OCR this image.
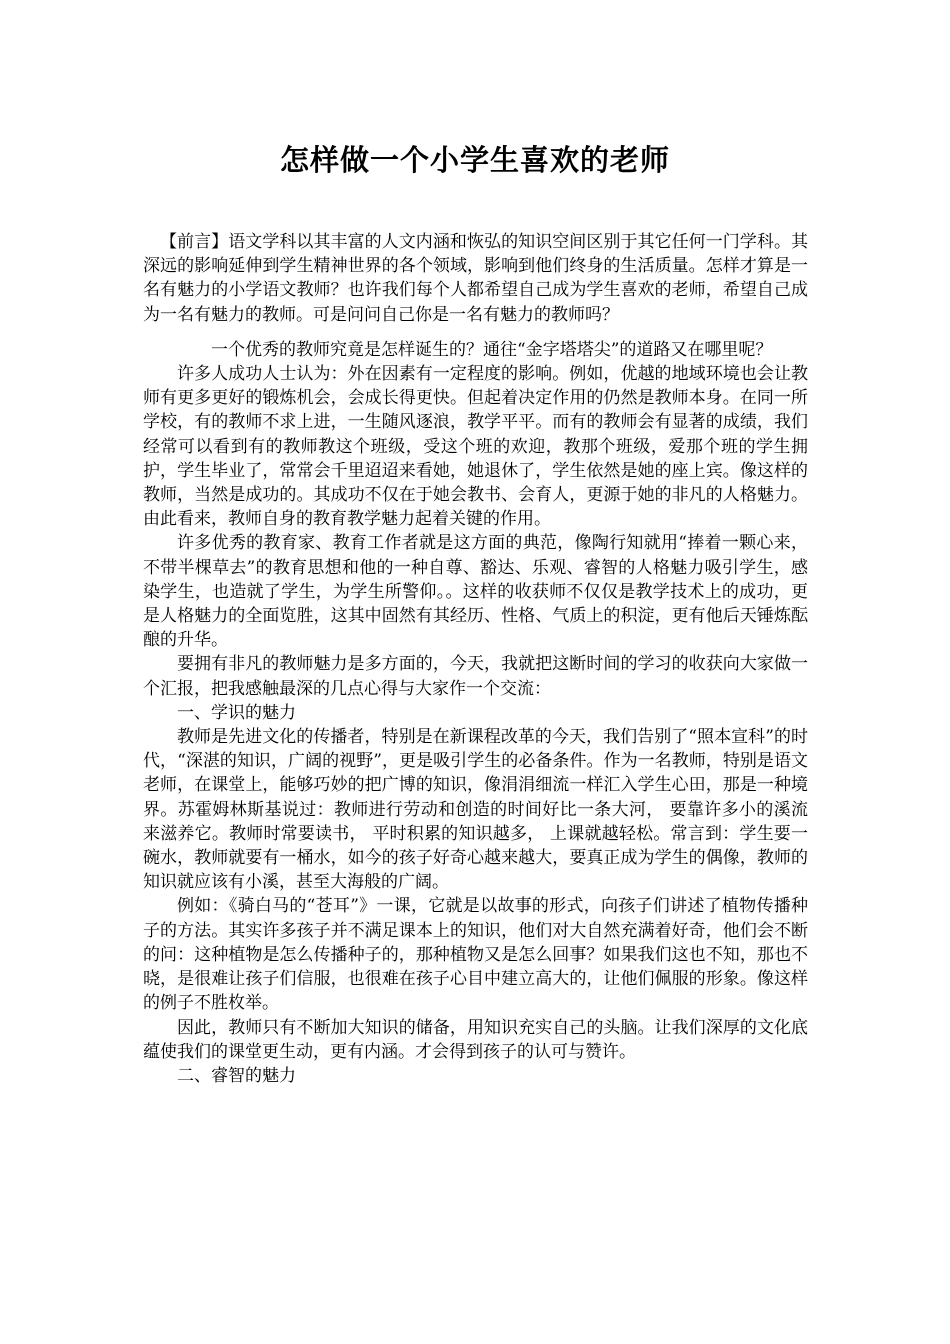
怎样做一个小学生喜欢的老师

【前言】语文学科以其丰富的人文内涵和恢弘的知识空间区别于其它任何一门学科。其深远的影响延伸到学生精神世界的各个领域，影响到他们终身的生活质量。怎样才算是一名有魅力的小学语文教师？也许我们每个人都希望自己成为学生喜欢的老师，希望自己成为一名有魅力的教师。可是问问自己你是一名有魅力的教师吗？

一个优秀的教师究竟是怎样诞生的？通往“金字塔塔尖”的道路又在哪里呢？

许多人成功人士认为：外在因素有一定程度的影响。例如，优越的地域环境也会让教师有更多更好的锻炼机会，会成长得更快。但起着决定作用的仍然是教师本身。在同一所学校，有的教师不求上进，一生随风逐浪，教学平平。而有的教师会有显著的成绩，我们经常可以看到有的教师教这个班级，受这个班的欢迎，教那个班级，爱那个班的学生拥护，学生毕业了，常常会千里迢迢来看她，她退休了，学生依然是她的座上宾。像这样的教师，当然是成功的。其成功不仅在于她会教书、会育人，更源于她的非凡的人格魅力。由此看来，教师自身的教育教学魅力起着关键的作用。

许多优秀的教育家、教育工作者就是这方面的典范，像陶行知就用“捧着一颗心来，不带半棵草去”的教育思想和他的一种自尊、豁达、乐观、睿智的人格魅力吸引学生，感染学生，也造就了学生，为学生所警仰。。这样的收获师不仅仅是教学技术上的成功，更是人格魅力的全面览胜，这其中固然有其经历、性格、气质上的积淀，更有他后天锤炼酝酿的升华。

要拥有非凡的教师魅力是多方面的，今天，我就把这断时间的学习的收获向大家做一个汇报，把我感触最深的几点心得与大家作一个交流：

一、学识的魅力

教师是先进文化的传播者，特别是在新课程改革的今天，我们告别了“照本宣科”的时代，“深湛的知识，广阔的视野”，更是吸引学生的必备条件。作为一名教师，特别是语文老师，在课堂上，能够巧妙的把广博的知识，像涓涓细流一样汇入学生心田，那是一种境界。苏霍姆林斯基说过：教师进行劳动和创造的时间好比一条大河， 要靠许多小的溪流来滋养它。教师时常要读书， 平时积累的知识越多， 上课就越轻松。常言到：学生要一碗水，教师就要有一桶水，如今的孩子好奇心越来越大，要真正成为学生的偶像，教师的知识就应该有小溪，甚至大海般的广阔。

例如：《骑白马的“苍耳”》一课，它就是以故事的形式，向孩子们讲述了植物传播种子的方法。其实许多孩子并不满足课本上的知识，他们对大自然充满着好奇，他们会不断的问：这种植物是怎么传播种子的，那种植物又是怎么回事？如果我们这也不知，那也不晓，是很难让孩子们信服，也很难在孩子心目中建立高大的，让他们佩服的形象。像这样的例子不胜枚举。

因此，教师只有不断加大知识的储备，用知识充实自己的头脑。让我们深厚的文化底蕴使我们的课堂更生动，更有内涵。才会得到孩子的认可与赞许。

二、睿智的魅力
